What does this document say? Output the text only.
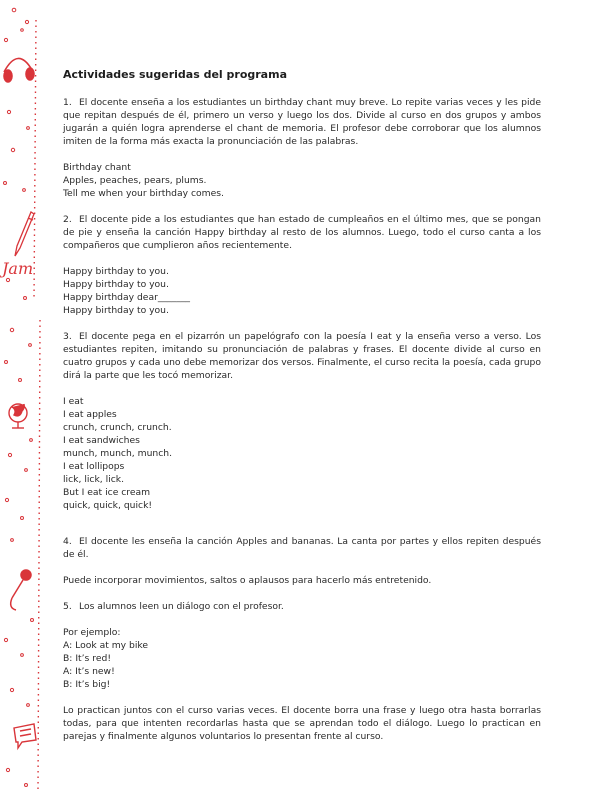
Jam
Actividades sugeridas del programa
1. El docente enseña a los estudiantes un birthday chant muy breve. Lo repite varias veces y les pide que repitan después de él, primero un verso y luego los dos. Divide al curso en dos grupos y ambos jugarán a quién logra aprenderse el chant de memoria. El profesor debe corroborar que los alumnos imiten de la forma más exacta la pronunciación de las palabras.
Birthday chant
Apples, peaches, pears, plums.
Tell me when your birthday comes.
2. El docente pide a los estudiantes que han estado de cumpleaños en el último mes, que se pongan de pie y enseña la canción Happy birthday al resto de los alumnos. Luego, todo el curso canta a los compañeros que cumplieron años recientemente.
Happy birthday to you.
Happy birthday to you.
Happy birthday dear_______
Happy birthday to you.
3. El docente pega en el pizarrón un papelógrafo con la poesía I eat y la enseña verso a verso. Los estudiantes repiten, imitando su pronunciación de palabras y frases. El docente divide al curso en cuatro grupos y cada uno debe memorizar dos versos. Finalmente, el curso recita la poesía, cada grupo dirá la parte que les tocó memorizar.
I eat
I eat apples
crunch, crunch, crunch.
I eat sandwiches
munch, munch, munch.
I eat lollipops
lick, lick, lick.
But I eat ice cream
quick, quick, quick!
4. El docente les enseña la canción Apples and bananas. La canta por partes y ellos repiten después de él.
Puede incorporar movimientos, saltos o aplausos para hacerlo más entretenido.
5. Los alumnos leen un diálogo con el profesor.
Por ejemplo:
A: Look at my bike
B: It’s red!
A: It’s new!
B: It’s big!
Lo practican juntos con el curso varias veces. El docente borra una frase y luego otra hasta borrarlas todas, para que intenten recordarlas hasta que se aprendan todo el diálogo. Luego lo practican en parejas y finalmente algunos voluntarios lo presentan frente al curso.
